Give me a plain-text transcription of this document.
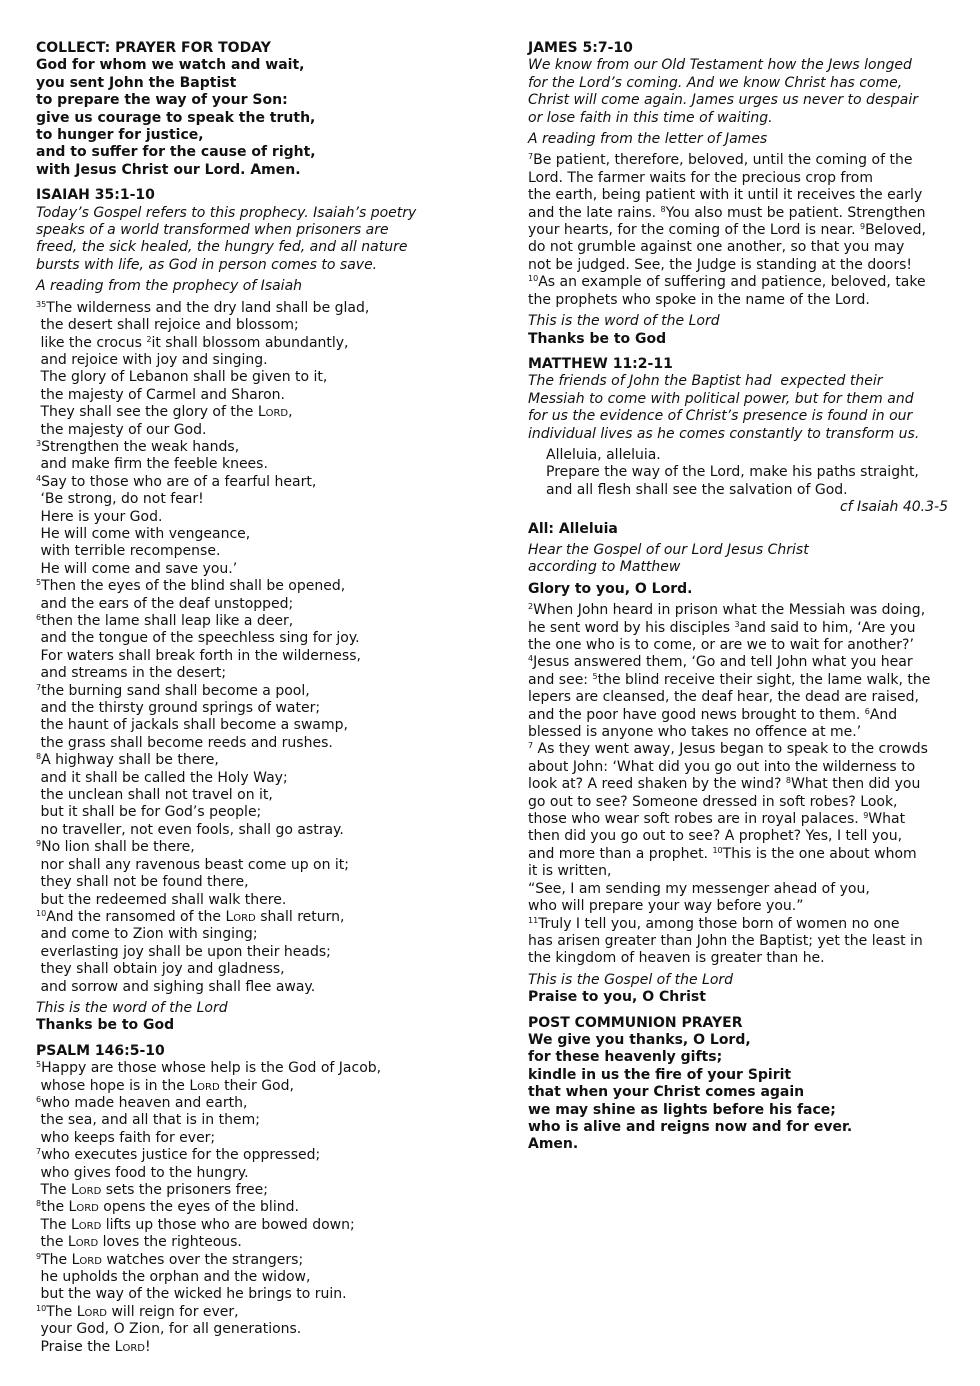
COLLECT: PRAYER FOR TODAY
God for whom we watch and wait,
you sent John the Baptist
to prepare the way of your Son:
give us courage to speak the truth,
to hunger for justice,
and to suffer for the cause of right,
with Jesus Christ our Lord. Amen.
ISAIAH 35:1-10
Today’s Gospel refers to this prophecy. Isaiah’s poetry
speaks of a world transformed when prisoners are
freed, the sick healed, the hungry fed, and all nature
bursts with life, as God in person comes to save.
A reading from the prophecy of Isaiah
$^{35}$The wilderness and the dry land shall be glad,
the desert shall rejoice and blossom;
like the crocus $^2$it shall blossom abundantly,
and rejoice with joy and singing.
The glory of Lebanon shall be given to it,
the majesty of Carmel and Sharon.
They shall see the glory of the Lord,
the majesty of our God.
$^3$Strengthen the weak hands,
and make firm the feeble knees.
$^4$Say to those who are of a fearful heart,
‘Be strong, do not fear!
Here is your God.
He will come with vengeance,
with terrible recompense.
He will come and save you.’
$^5$Then the eyes of the blind shall be opened,
and the ears of the deaf unstopped;
$^6$then the lame shall leap like a deer,
and the tongue of the speechless sing for joy.
For waters shall break forth in the wilderness,
and streams in the desert;
$^7$the burning sand shall become a pool,
and the thirsty ground springs of water;
the haunt of jackals shall become a swamp,
the grass shall become reeds and rushes.
$^8$A highway shall be there,
and it shall be called the Holy Way;
the unclean shall not travel on it,
but it shall be for God’s people;
no traveller, not even fools, shall go astray.
$^9$No lion shall be there,
nor shall any ravenous beast come up on it;
they shall not be found there,
but the redeemed shall walk there.
$^{10}$And the ransomed of the Lord shall return,
and come to Zion with singing;
everlasting joy shall be upon their heads;
they shall obtain joy and gladness,
and sorrow and sighing shall flee away.
This is the word of the Lord
Thanks be to God
PSALM 146:5-10
$^5$Happy are those whose help is the God of Jacob,
whose hope is in the Lord their God,
$^6$who made heaven and earth,
the sea, and all that is in them;
who keeps faith for ever;
$^7$who executes justice for the oppressed;
who gives food to the hungry.
The Lord sets the prisoners free;
$^8$the Lord opens the eyes of the blind.
The Lord lifts up those who are bowed down;
the Lord loves the righteous.
$^9$The Lord watches over the strangers;
he upholds the orphan and the widow,
but the way of the wicked he brings to ruin.
$^{10}$The Lord will reign for ever,
your God, O Zion, for all generations.
Praise the Lord!
JAMES 5:7-10
We know from our Old Testament how the Jews longed
for the Lord’s coming. And we know Christ has come,
Christ will come again. James urges us never to despair
or lose faith in this time of waiting.
A reading from the letter of James
$^7$Be patient, therefore, beloved, until the coming of the
Lord. The farmer waits for the precious crop from
the earth, being patient with it until it receives the early
and the late rains. $^8$You also must be patient. Strengthen
your hearts, for the coming of the Lord is near. $^9$Beloved,
do not grumble against one another, so that you may
not be judged. See, the Judge is standing at the doors!
$^{10}$As an example of suffering and patience, beloved, take
the prophets who spoke in the name of the Lord.
This is the word of the Lord
Thanks be to God
MATTHEW 11:2-11
The friends of John the Baptist had  expected their
Messiah to come with political power, but for them and
for us the evidence of Christ’s presence is found in our
individual lives as he comes constantly to transform us.
Alleluia, alleluia.
Prepare the way of the Lord, make his paths straight,
and all flesh shall see the salvation of God.
cf Isaiah 40.3-5
All: Alleluia
Hear the Gospel of our Lord Jesus Christ
according to Matthew
Glory to you, O Lord.
$^2$When John heard in prison what the Messiah was doing,
he sent word by his disciples $^3$and said to him, ‘Are you
the one who is to come, or are we to wait for another?’
$^4$Jesus answered them, ‘Go and tell John what you hear
and see: $^5$the blind receive their sight, the lame walk, the
lepers are cleansed, the deaf hear, the dead are raised,
and the poor have good news brought to them. $^6$And
blessed is anyone who takes no offence at me.’
$^7$ As they went away, Jesus began to speak to the crowds
about John: ‘What did you go out into the wilderness to
look at? A reed shaken by the wind? $^8$What then did you
go out to see? Someone dressed in soft robes? Look,
those who wear soft robes are in royal palaces. $^9$What
then did you go out to see? A prophet? Yes, I tell you,
and more than a prophet. $^{10}$This is the one about whom
it is written,
“See, I am sending my messenger ahead of you,
who will prepare your way before you.”
$^{11}$Truly I tell you, among those born of women no one
has arisen greater than John the Baptist; yet the least in
the kingdom of heaven is greater than he.
This is the Gospel of the Lord
Praise to you, O Christ
POST COMMUNION PRAYER
We give you thanks, O Lord,
for these heavenly gifts;
kindle in us the fire of your Spirit
that when your Christ comes again
we may shine as lights before his face;
who is alive and reigns now and for ever.
Amen.
